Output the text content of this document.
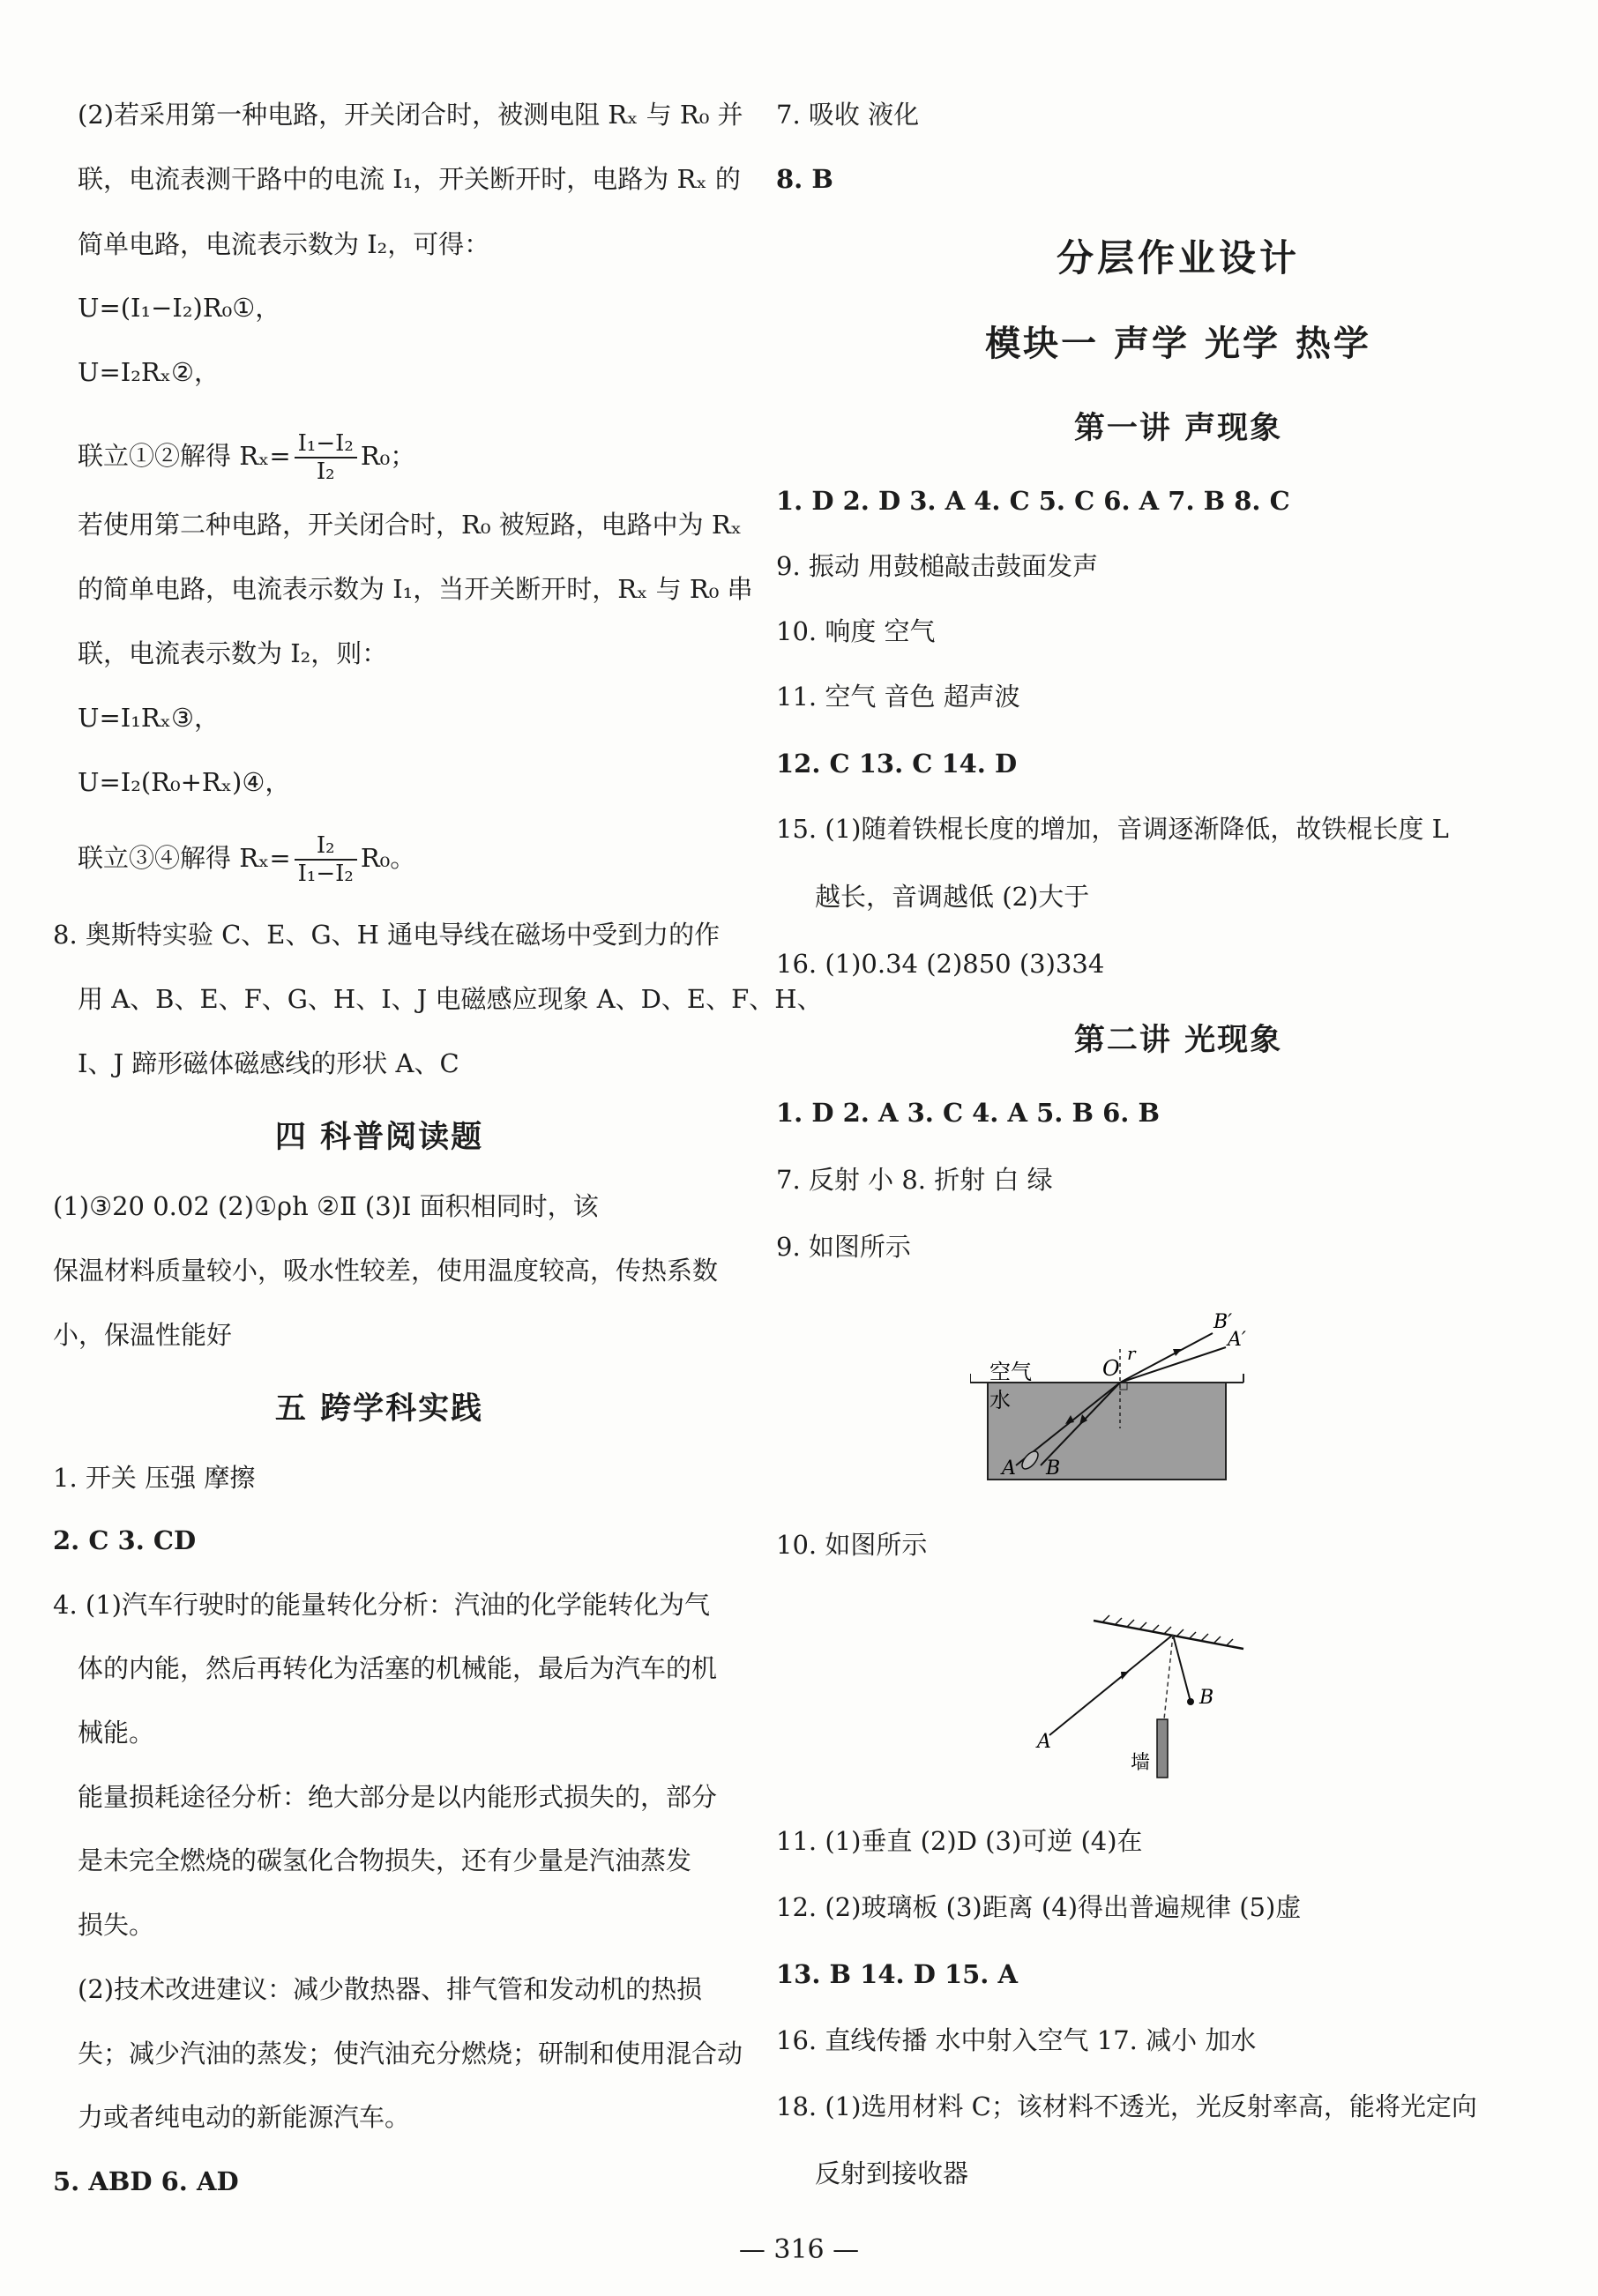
(2)若采用第一种电路，开关闭合时，被测电阻 Rₓ 与 R₀ 并
联，电流表测干路中的电流 I₁，开关断开时，电路为 Rₓ 的
简单电路，电流表示数为 I₂，可得：
U=(I₁−I₂)R₀①，
U=I₂Rₓ②，
联立①②解得 $R_x= \frac{\text{I₁−I₂}}{\text{I₂}} R_0$；
若使用第二种电路，开关闭合时，R₀ 被短路，电路中为 Rₓ
的简单电路，电流表示数为 I₁，当开关断开时，Rₓ 与 R₀ 串
联，电流表示数为 I₂，则：
U=I₁Rₓ③，
U=I₂(R₀+Rₓ)④，
联立③④解得 $R_x= \frac{\text{I₂}}{\text{I₁−I₂}} R_0$。
8. 奥斯特实验 C、E、G、H 通电导线在磁场中受到力的作
用 A、B、E、F、G、H、I、J 电磁感应现象 A、D、E、F、H、
I、J 蹄形磁体磁感线的形状 A、C
四 科普阅读题
(1)③20 0.02 (2)①ρh ②Ⅱ (3)Ⅰ 面积相同时，该
保温材料质量较小，吸水性较差，使用温度较高，传热系数
小，保温性能好
五 跨学科实践
1. 开关 压强 摩擦
2. C 3. CD
4. (1)汽车行驶时的能量转化分析：汽油的化学能转化为气
体的内能，然后再转化为活塞的机械能，最后为汽车的机
械能。
能量损耗途径分析：绝大部分是以内能形式损失的，部分
是未完全燃烧的碳氢化合物损失，还有少量是汽油蒸发
损失。
(2)技术改进建议：减少散热器、排气管和发动机的热损
失；减少汽油的蒸发；使汽油充分燃烧；研制和使用混合动
力或者纯电动的新能源汽车。
5. ABD 6. AD
7. 吸收 液化
8. B
分层作业设计
模块一 声学 光学 热学
第一讲 声现象
1. D 2. D 3. A 4. C 5. C 6. A 7. B 8. C
9. 振动 用鼓槌敲击鼓面发声
10. 响度 空气
11. 空气 音色 超声波
12. C 13. C 14. D
15. (1)随着铁棍长度的增加，音调逐渐降低，故铁棍长度 L
越长，音调越低 (2)大于
16. (1)0.34 (2)850 (3)334
第二讲 光现象
1. D 2. A 3. C 4. A 5. B 6. B
7. 反射 小 8. 折射 白 绿
9. 如图所示
空气
水
O
r
B′
A′
A B
10. 如图所示
A
B
墙
11. (1)垂直 (2)D (3)可逆 (4)在
12. (2)玻璃板 (3)距离 (4)得出普遍规律 (5)虚
13. B 14. D 15. A
16. 直线传播 水中射入空气 17. 减小 加水
18. (1)选用材料 C；该材料不透光，光反射率高，能将光定向
反射到接收器
— 316 —
